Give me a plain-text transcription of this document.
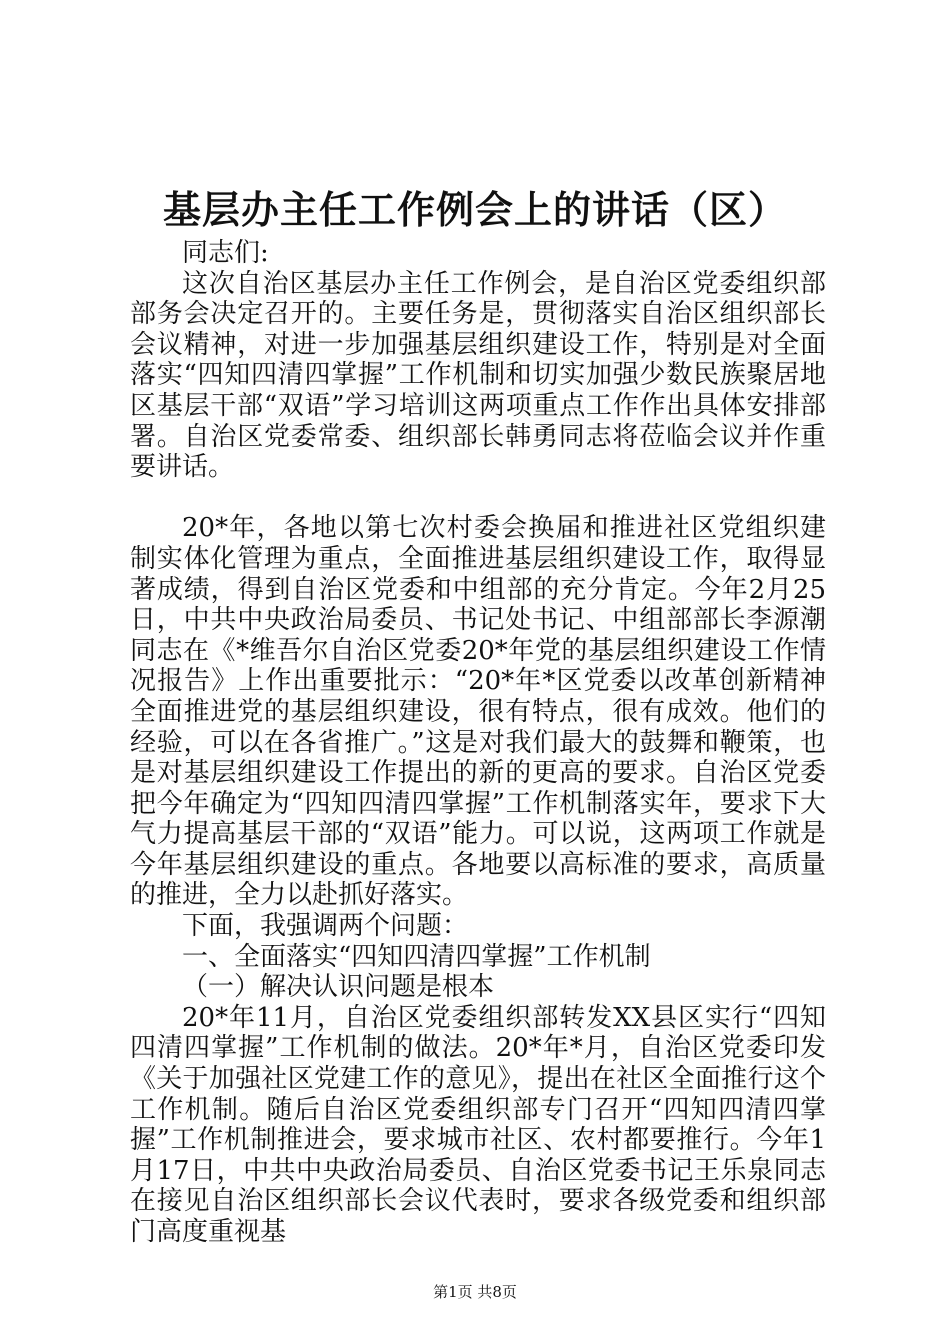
基层办主任工作例会上的讲话（区）

同志们:

这次自治区基层办主任工作例会，是自治区党委组织部部务会决定召开的。主要任务是，贯彻落实自治区组织部长会议精神，对进一步加强基层组织建设工作，特别是对全面落实“四知四清四掌握”工作机制和切实加强少数民族聚居地区基层干部“双语”学习培训这两项重点工作作出具体安排部署。自治区党委常委、组织部长韩勇同志将莅临会议并作重要讲话。

20*年，各地以第七次村委会换届和推进社区党组织建制实体化管理为重点，全面推进基层组织建设工作，取得显著成绩，得到自治区党委和中组部的充分肯定。今年2月25日，中共中央政治局委员、书记处书记、中组部部长李源潮同志在《*维吾尔自治区党委20*年党的基层组织建设工作情况报告》上作出重要批示：“20*年*区党委以改革创新精神全面推进党的基层组织建设，很有特点，很有成效。他们的经验，可以在各省推广。”这是对我们最大的鼓舞和鞭策，也是对基层组织建设工作提出的新的更高的要求。自治区党委把今年确定为“四知四清四掌握”工作机制落实年，要求下大气力提高基层干部的“双语”能力。可以说，这两项工作就是今年基层组织建设的重点。各地要以高标准的要求，高质量的推进，全力以赴抓好落实。

下面，我强调两个问题：

一、全面落实“四知四清四掌握”工作机制

（一）解决认识问题是根本

20*年11月，自治区党委组织部转发XX县区实行“四知四清四掌握”工作机制的做法。20*年*月，自治区党委印发《关于加强社区党建工作的意见》，提出在社区全面推行这个工作机制。随后自治区党委组织部专门召开“四知四清四掌握”工作机制推进会，要求城市社区、农村都要推行。今年1月17日，中共中央政治局委员、自治区党委书记王乐泉同志在接见自治区组织部长会议代表时，要求各级党委和组织部门高度重视基

第1页 共8页
